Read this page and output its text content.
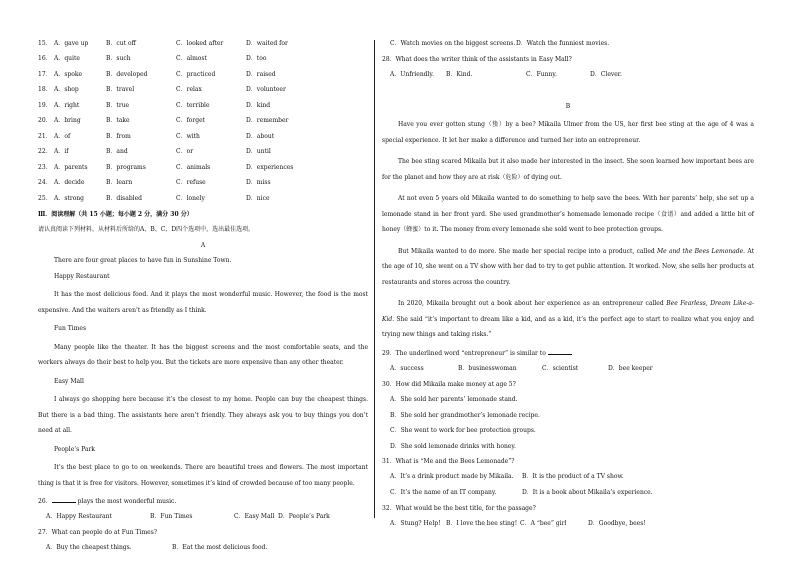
15． A．gave up	B．cut off	C．looked after	D．waited for
16． A．quite	B．such	C．almost	D．too
17． A．spoke	B．developed	C．practiced	D．raised
18． A．shop	B．travel	C．relax	D．volunteer
19． A．right	B．true	C．terrible	D．kind
20． A．bring	B．take	C．forget	D．remember
21． A．of	B．from	C．with	D．about
22． A．if	B．and	C．or	D．until
23． A．parents	B．programs	C．animals	D．experiences
24． A．decide	B．learn	C．refuse	D．miss
25． A．strong	B．disabled	C．lonely	D．nice
Ⅲ．阅读理解（共 15 小题；每小题 2 分，满分 30 分）
请认真阅读下列材料，从材料后所给的A、B、C、D四个选项中，选出最佳选项。
A
There are four great places to have fun in Sunshine Town.
Happy Restaurant

It has the most delicious food. And it plays the most wonderful music. However, the food is the most expensive. And the waiters aren’t as friendly as I think.

Fun Times

Many people like the theater. It has the biggest screens and the most comfortable seats, and the workers always do their best to help you. But the tickets are more expensive than any other theater.

Easy Mall

I always go shopping here because it’s the closest to my home. People can buy the cheapest things. But there is a bad thing. The assistants here aren’t friendly. They always ask you to buy things you don’t need at all.

People’s Park

It’s the best place to go to on weekends. There are beautiful trees and flowers. The most important thing is that it is free for visitors. However, sometimes it’s kind of crowded because of too many people.

26．	plays the most wonderful music.
A．Happy Restaurant	B．Fun Times	C．Easy Mall D．People’s Park
27．What can people do at Fun Times?
A．Buy the cheapest things.	B．Eat the most delicious food.
C．Watch movies on the biggest screens. D．Watch the funniest movies.
28．What does the writer think of the assistants in Easy Mall?
A．Unfriendly.	B．Kind.	C．Funny.	D．Clever.
B

Have you ever gotten stung（蛰）by a bee? Mikaila Ulmer from the US, her first bee sting at the age of 4 was a special experience. It let her make a difference and turned her into an entrepreneur.

The bee sting scared Mikaila but it also made her interested in the insect. She soon learned how important bees are for the planet and how they are at risk（危险）of dying out.

At not even 5 years old Mikaila wanted to do something to help save the bees. With her parents’ help, she set up a lemonade stand in her front yard. She used grandmother’s homemade lemonade recipe（食谱）and added a little bit of honey（蜂蜜）to it. The money from every lemonade she sold went to bee protection groups.

But Mikaila wanted to do more. She made her special recipe into a product, called Me and the Bees Lemonade. At the age of 10, she went on a TV show with her dad to try to get public attention. It worked. Now, she sells her products at restaurants and stores across the country.

In 2020, Mikaila brought out a book about her experience as an entrepreneur called Bee Fearless, Dream Like-a-Kid. She said “it’s important to dream like a kid, and as a kid, it’s the perfect age to start to realize what you enjoy and trying new things and taking risks.”

29．The underlined word “entrepreneur” is similar to
A．success	B．businesswoman	C．scientist	D．bee keeper
30．How did Mikaila make money at age 5?
A．She sold her parents’ lemonade stand.
B．She sold her grandmother’s lemonade recipe.
C．She went to work for bee protection groups.
D．She sold lemonade drinks with honey.
31．What is “Me and the Bees Lemonade”?
A．It’s a drink product made by Mikaila.	B．It is the product of a TV show.
C．It’s the name of an IT company.	D．It is a book about Mikaila’s experience.
32．What would be the best title, for the passage?
A．Stung? Help! B．I love the bee sting! C．A “bee” girl	D．Goodbye, bees!
